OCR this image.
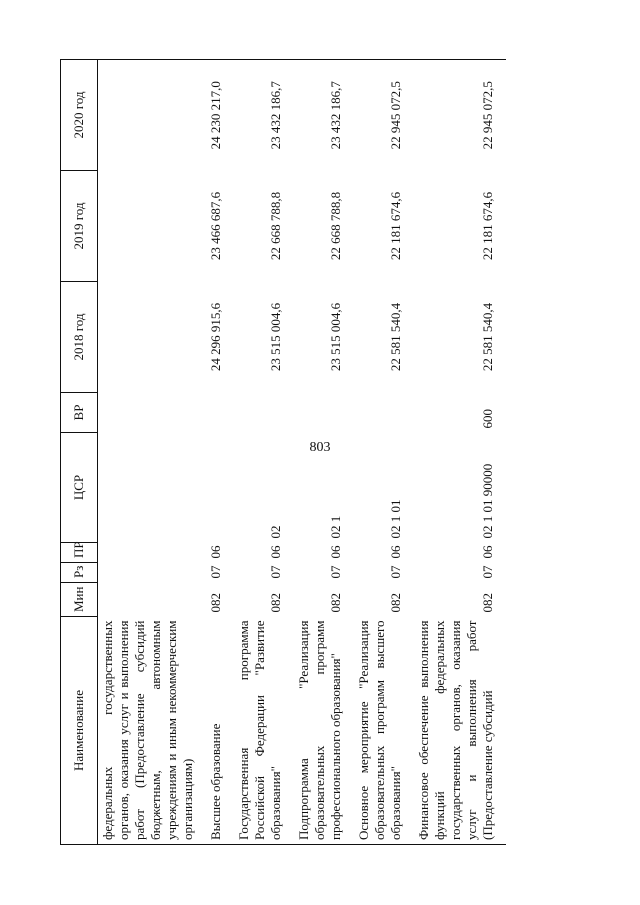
803
Наименование	Мин	Рз	ПР	ЦСР	ВР	2018 год	2019 год	2020 год
федеральных государственных органов, оказания услуг и выполнения работ (Предоставление субсидий бюджетным, автономным учреждениям и иным некоммерческим организациям)								
Высшее образование	082	07	06			24 296 915,6	23 466 687,6	24 230 217,0
Государственная программа Российской Федерации "Развитие образования"	082	07	06	02		23 515 004,6	22 668 788,8	23 432 186,7
Подпрограмма "Реализация образовательных программ профессионального образования"	082	07	06	02 1		23 515 004,6	22 668 788,8	23 432 186,7
Основное мероприятие "Реализация образовательных программ высшего образования"	082	07	06	02 1 01		22 581 540,4	22 181 674,6	22 945 072,5
Финансовое обеспечение выполнения функций федеральных государственных органов, оказания услуг и выполнения работ (Предоставление субсидий	082	07	06	02 1 01 90000	600	22 581 540,4	22 181 674,6	22 945 072,5
